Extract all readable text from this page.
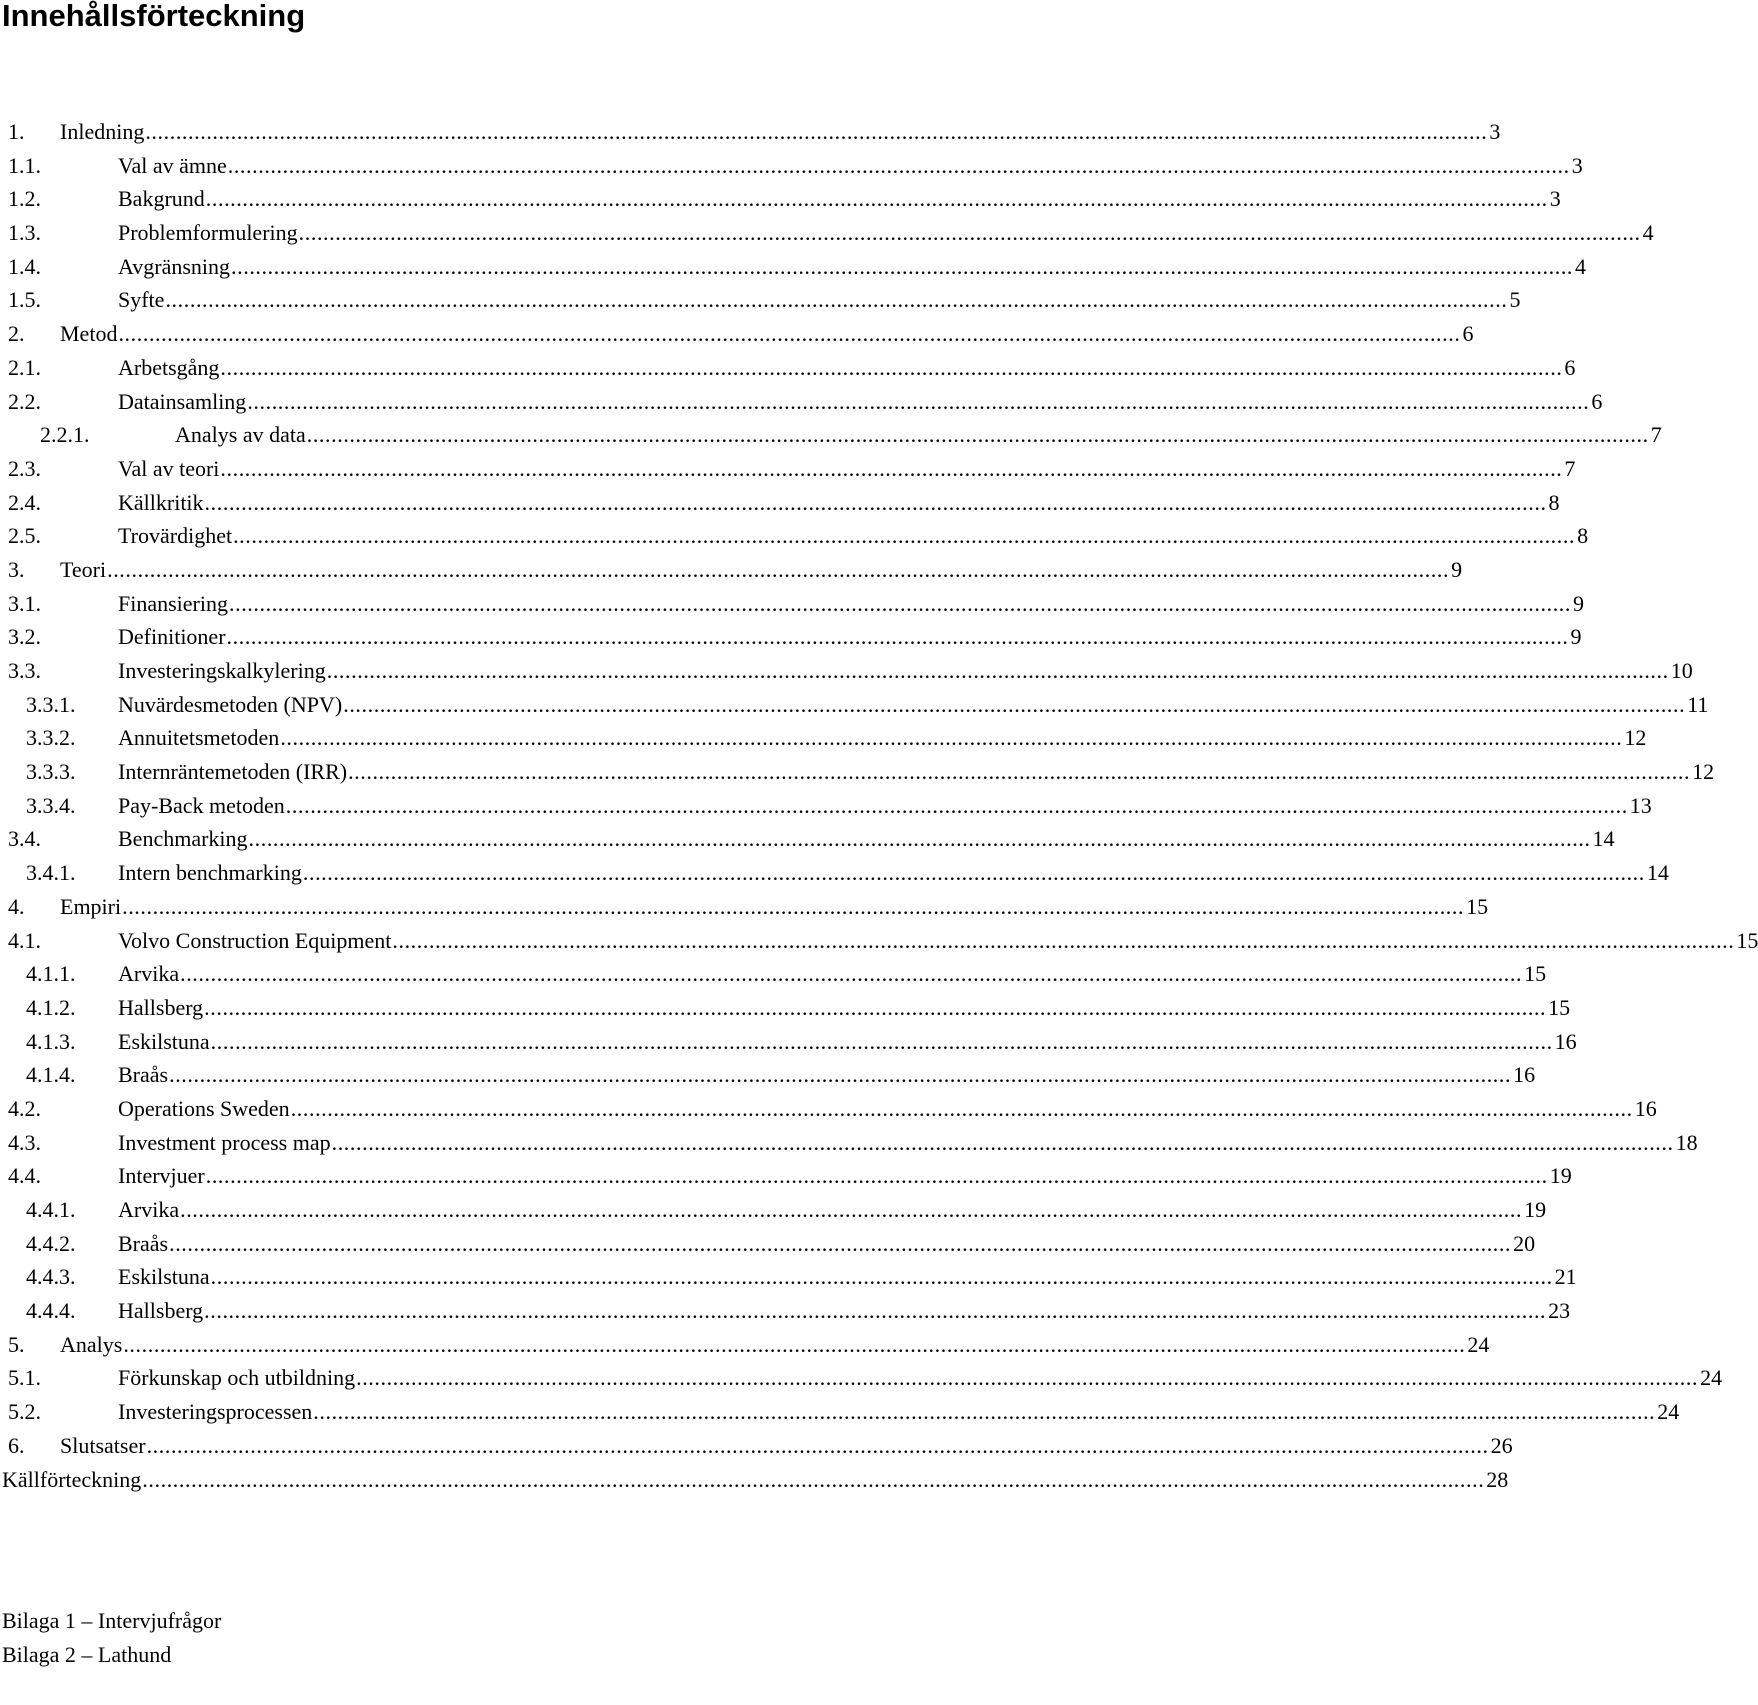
Innehållsförteckning
1. Inledning ............................................................................................................................................................................................................................ 3
1.1.	Val av ämne ............................................................................................................................................................................................................................ 3
1.2.	Bakgrund ............................................................................................................................................................................................................................ 3
1.3.	Problemformulering ............................................................................................................................................................................................................................ 4
1.4.	Avgränsning ............................................................................................................................................................................................................................ 4
1.5.	Syfte ............................................................................................................................................................................................................................ 5
2. Metod ............................................................................................................................................................................................................................ 6
2.1.	Arbetsgång ............................................................................................................................................................................................................................ 6
2.2.	Datainsamling ............................................................................................................................................................................................................................ 6
2.2.1.	Analys av data ............................................................................................................................................................................................................................ 7
2.3.	Val av teori ............................................................................................................................................................................................................................ 7
2.4.	Källkritik ............................................................................................................................................................................................................................ 8
2.5.	Trovärdighet ............................................................................................................................................................................................................................ 8
3. Teori ............................................................................................................................................................................................................................ 9
3.1.	Finansiering ............................................................................................................................................................................................................................ 9
3.2.	Definitioner ............................................................................................................................................................................................................................ 9
3.3.	Investeringskalkylering ............................................................................................................................................................................................................................ 10
3.3.1. Nuvärdesmetoden (NPV) ............................................................................................................................................................................................................................ 11
3.3.2. Annuitetsmetoden ............................................................................................................................................................................................................................ 12
3.3.3. Internräntemetoden (IRR) ............................................................................................................................................................................................................................ 12
3.3.4. Pay-Back metoden ............................................................................................................................................................................................................................ 13
3.4.	Benchmarking ............................................................................................................................................................................................................................ 14
3.4.1. Intern benchmarking ............................................................................................................................................................................................................................ 14
4. Empiri ............................................................................................................................................................................................................................ 15
4.1.	Volvo Construction Equipment ............................................................................................................................................................................................................................ 15
4.1.1. Arvika ............................................................................................................................................................................................................................ 15
4.1.2. Hallsberg ............................................................................................................................................................................................................................ 15
4.1.3. Eskilstuna ............................................................................................................................................................................................................................ 16
4.1.4. Braås ............................................................................................................................................................................................................................ 16
4.2.	Operations Sweden ............................................................................................................................................................................................................................ 16
4.3.	Investment process map ............................................................................................................................................................................................................................ 18
4.4.	Intervjuer ............................................................................................................................................................................................................................ 19
4.4.1. Arvika ............................................................................................................................................................................................................................ 19
4.4.2. Braås ............................................................................................................................................................................................................................ 20
4.4.3. Eskilstuna ............................................................................................................................................................................................................................ 21
4.4.4. Hallsberg ............................................................................................................................................................................................................................ 23
5. Analys ............................................................................................................................................................................................................................ 24
5.1.	Förkunskap och utbildning ............................................................................................................................................................................................................................ 24
5.2.	Investeringsprocessen ............................................................................................................................................................................................................................ 24
6. Slutsatser ............................................................................................................................................................................................................................ 26
Källförteckning ............................................................................................................................................................................................................................ 28
Bilaga 1 – Intervjufrågor
Bilaga 2 – Lathund
